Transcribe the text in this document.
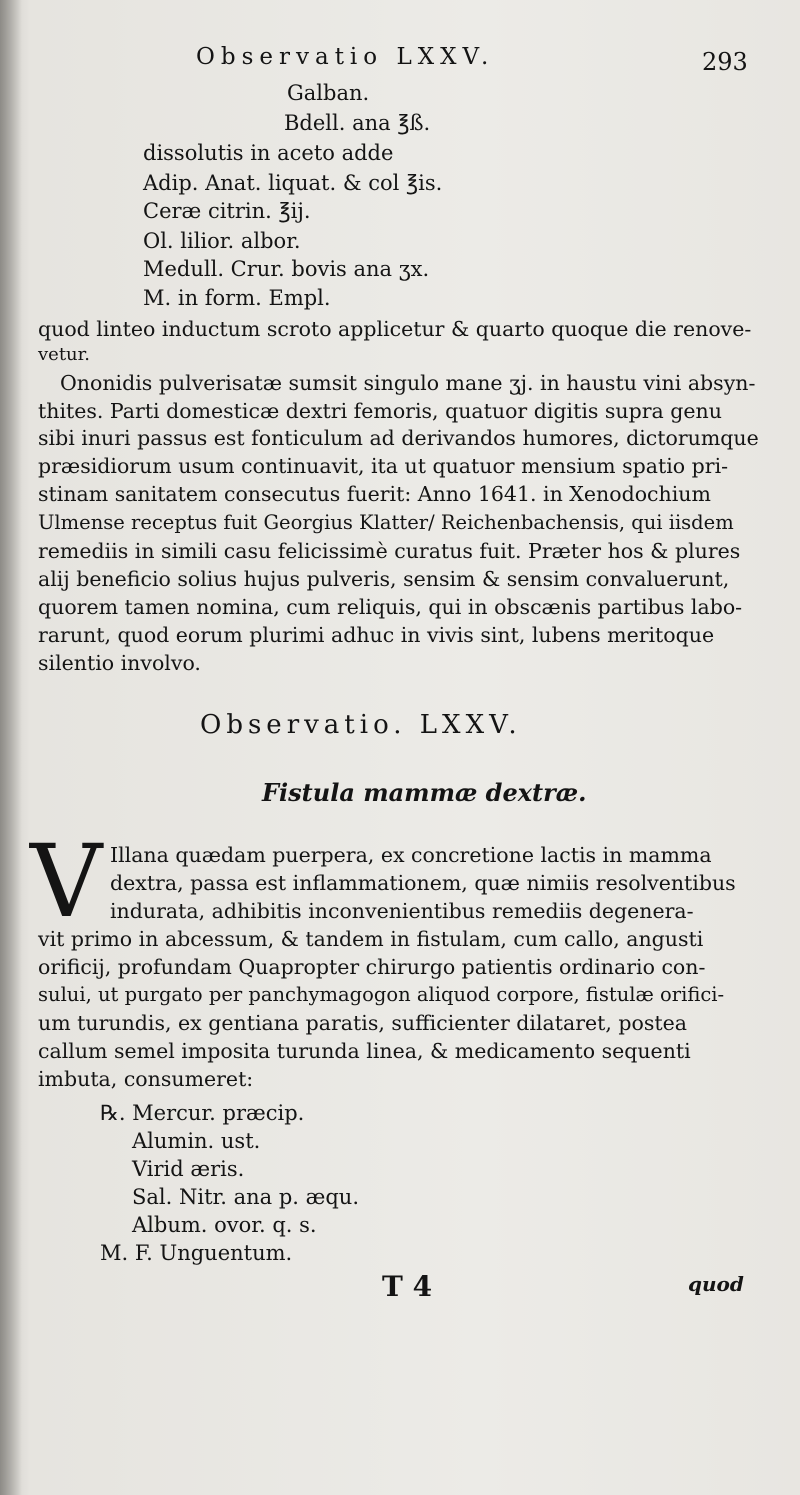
Observatio LXXV.	293
Galban.
Bdell. ana ℥ß.
dissolutis in aceto adde
Adip. Anat. liquat. & col ℥is.
Ceræ citrin. ℥ij.
Ol. lilior. albor.
Medull. Crur. bovis ana ʒx.
M. in form. Empl.
quod linteo inductum scroto applicetur & quarto quoque die renove-
vetur.
Ononidis pulverisatæ sumsit singulo mane ʒj. in haustu vini absyn-
thites. Parti domesticæ dextri femoris, quatuor digitis supra genu
sibi inuri passus est fonticulum ad derivandos humores, dictorumque
præsidiorum usum continuavit, ita ut quatuor mensium spatio pri-
stinam sanitatem consecutus fuerit: Anno 1641. in Xenodochium
Ulmense receptus fuit Georgius Klatter/ Reichenbachensis, qui iisdem
remediis in simili casu felicissimè curatus fuit. Præter hos & plures
alij beneficio solius hujus pulveris, sensim & sensim convaluerunt,
quorem tamen nomina, cum reliquis, qui in obscænis partibus labo-
rarunt, quod eorum plurimi adhuc in vivis sint, lubens meritoque
silentio involvo.
Observatio. LXXV.
Fistula mammæ dextræ.
V Illana quædam puerpera, ex concretione lactis in mamma
dextra, passa est inflammationem, quæ nimiis resolventibus
indurata, adhibitis inconvenientibus remediis degenera-
vit primo in abcessum, & tandem in fistulam, cum callo, angusti
orificij, profundam Quapropter chirurgo patientis ordinario con-
sului, ut purgato per panchymagogon aliquod corpore, fistulæ orifici-
um turundis, ex gentiana paratis, sufficienter dilataret, postea
callum semel imposita turunda linea, & medicamento sequenti
imbuta, consumeret:
℞. Mercur. præcip.
Alumin. ust.
Virid æris.
Sal. Nitr. ana p. æqu.
Album. ovor. q. s.
M. F. Unguentum.
T 4	quod
